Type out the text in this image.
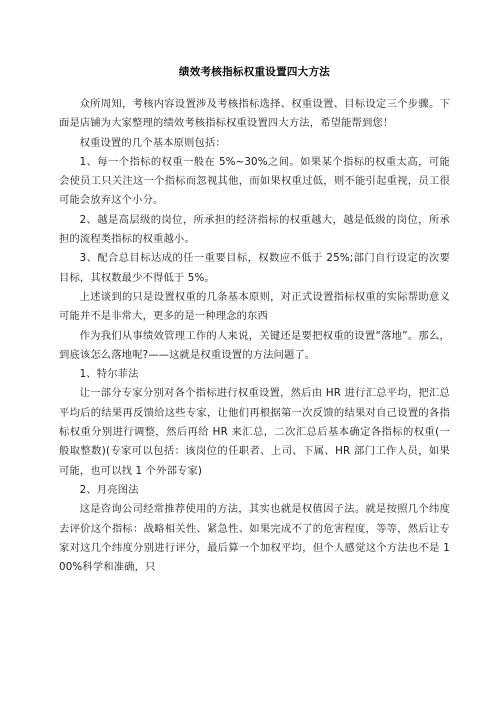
绩效考核指标权重设置四大方法

众所周知，考核内容设置涉及考核指标选择、权重设置、目标设定三个步骤。下面是店铺为大家整理的绩效考核指标权重设置四大方法，希望能帮到您！

权重设置的几个基本原则包括：

1、每一个指标的权重一般在 5%~30%之间。如果某个指标的权重太高，可能会使员工只关注这一个指标而忽视其他，而如果权重过低，则不能引起重视，员工很可能会放弃这个小分。

2、越是高层级的岗位，所承担的经济指标的权重越大，越是低级的岗位，所承担的流程类指标的权重越小。

3、配合总目标达成的任一重要目标，权数应不低于 25%;部门自行设定的次要目标，其权数最少不得低于 5%。

上述谈到的只是设置权重的几条基本原则，对正式设置指标权重的实际帮助意义可能并不是非常大，更多的是一种理念的东西

作为我们从事绩效管理工作的人来说，关键还是要把权重的设置“落地”。那么，到底该怎么落地呢?——这就是权重设置的方法问题了。

1、特尔菲法

让一部分专家分别对各个指标进行权重设置，然后由 HR 进行汇总平均，把汇总平均后的结果再反馈给这些专家，让他们再根据第一次反馈的结果对自己设置的各指标权重分别进行调整，然后再给 HR 来汇总，二次汇总后基本确定各指标的权重(一般取整数)(专家可以包括：该岗位的任职者、上司、下属、HR 部门工作人员，如果可能，也可以找 1 个外部专家)

2、月亮图法

这是咨询公司经常推荐使用的方法，其实也就是权值因子法。就是按照几个纬度去评价这个指标：战略相关性、紧急性、如果完成不了的危害程度，等等，然后让专家对这几个纬度分别进行评分，最后算一个加权平均，但个人感觉这个方法也不是 100%科学和准确，只
